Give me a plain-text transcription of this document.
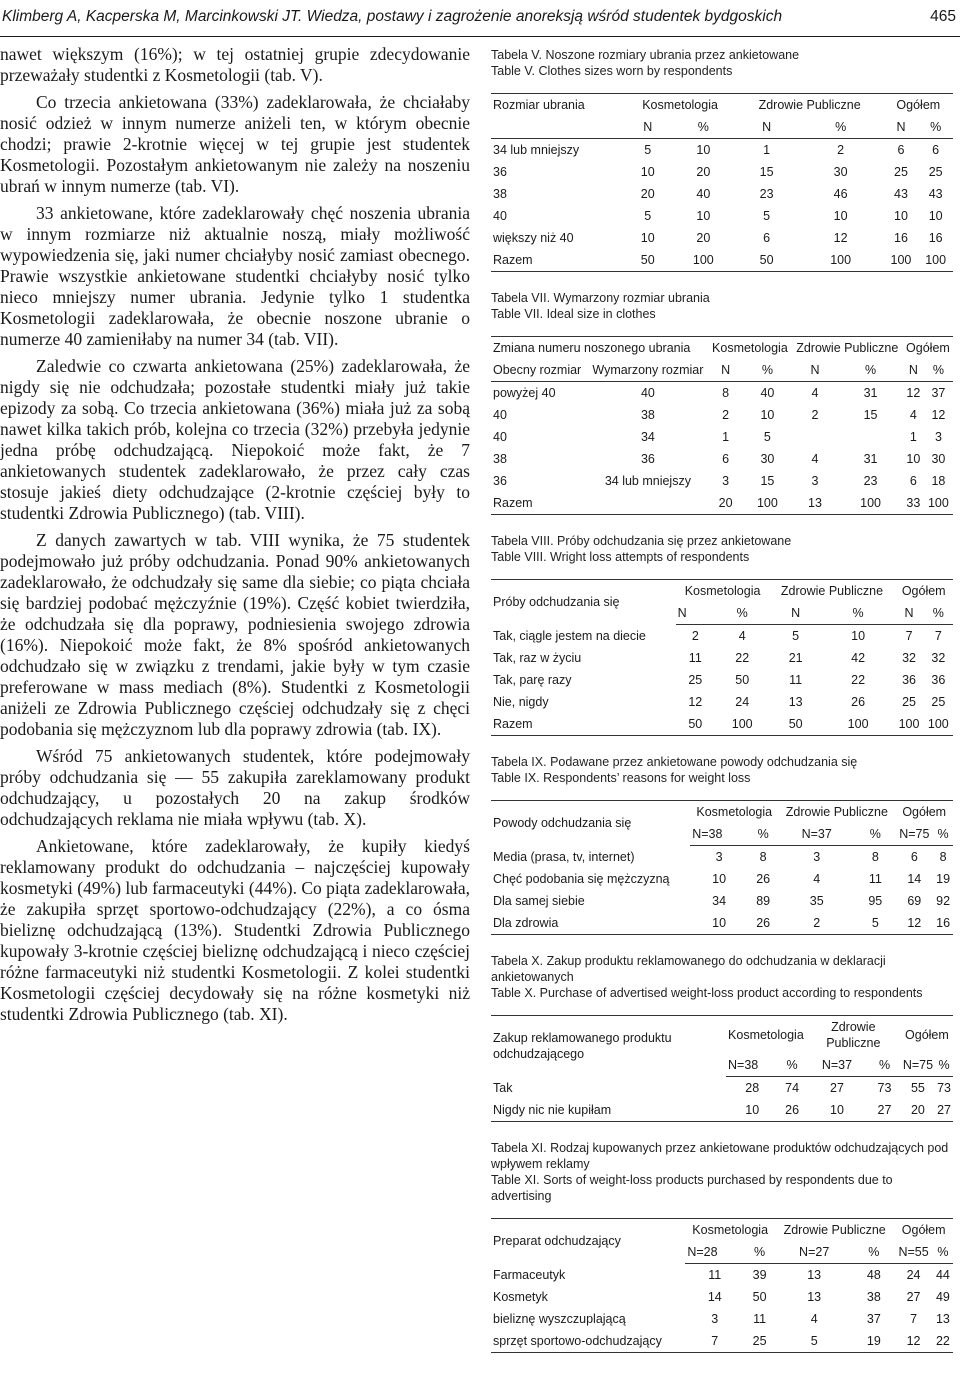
Klimberg A, Kacperska M, Marcinkowski JT. Wiedza, postawy i zagrożenie anoreksją wśród studentek bydgoskich	465

nawet większym (16%); w tej ostatniej grupie zdecydowanie przeważały studentki z Kosmetologii (tab. V).

Co trzecia ankietowana (33%) zadeklarowała, że chciałaby nosić odzież w innym numerze aniżeli ten, w którym obecnie chodzi; prawie 2-krotnie więcej w tej grupie jest studentek Kosmetologii. Pozostałym ankietowanym nie zależy na noszeniu ubrań w innym numerze (tab. VI).

33 ankietowane, które zadeklarowały chęć noszenia ubrania w innym rozmiarze niż aktualnie noszą, miały możliwość wypowiedzenia się, jaki numer chciałyby nosić zamiast obecnego. Prawie wszystkie ankietowane studentki chciałyby nosić tylko nieco mniejszy numer ubrania. Jedynie tylko 1 studentka Kosmetologii zadeklarowała, że obecnie noszone ubranie o numerze 40 zamieniłaby na numer 34 (tab. VII).

Zaledwie co czwarta ankietowana (25%) zadeklarowała, że nigdy się nie odchudzała; pozostałe studentki miały już takie epizody za sobą. Co trzecia ankietowana (36%) miała już za sobą nawet kilka takich prób, kolejna co trzecia (32%) przebyła jedynie jedna próbę odchudzającą. Niepokoić może fakt, że 7 ankietowanych studentek zadeklarowało, że przez cały czas stosuje jakieś diety odchudzające (2-krotnie częściej były to studentki Zdrowia Publicznego) (tab. VIII).

Z danych zawartych w tab. VIII wynika, że 75 studentek podejmowało już próby odchudzania. Ponad 90% ankietowanych zadeklarowało, że odchudzały się same dla siebie; co piąta chciała się bardziej podobać mężczyźnie (19%). Część kobiet twierdziła, że odchudzała się dla poprawy, podniesienia swojego zdrowia (16%). Niepokoić może fakt, że 8% spośród ankietowanych odchudzało się w związku z trendami, jakie były w tym czasie preferowane w mass mediach (8%). Studentki z Kosmetologii aniżeli ze Zdrowia Publicznego częściej odchudzały się z chęci podobania się mężczyznom lub dla poprawy zdrowia (tab. IX).

Wśród 75 ankietowanych studentek, które podejmowały próby odchudzania się — 55 zakupiła zareklamowany produkt odchudzający, u pozostałych 20 na zakup środków odchudzających reklama nie miała wpływu (tab. X).

Ankietowane, które zadeklarowały, że kupiły kiedyś reklamowany produkt do odchudzania – najczęściej kupowały kosmetyki (49%) lub farmaceutyki (44%). Co piąta zadeklarowała, że zakupiła sprzęt sportowo-odchudzający (22%), a co ósma bieliznę odchudzającą (13%). Studentki Zdrowia Publicznego kupowały 3-krotnie częściej bieliznę odchudzającą i nieco częściej różne farmaceutyki niż studentki Kosmetologii. Z kolei studentki Kosmetologii częściej decydowały się na różne kosmetyki niż studentki Zdrowia Publicznego (tab. XI).

Tabela V. Noszone rozmiary ubrania przez ankietowane

Table V. Clothes sizes worn by respondents

Rozmiar ubrania	Kosmetologia		Zdrowie Publiczne		Ogółem	
	N	%	N	%	N	%
34 lub mniejszy	5	10	1	2	6	6
36	10	20	15	30	25	25
38	20	40	23	46	43	43
40	5	10	5	10	10	10
większy niż 40	10	20	6	12	16	16
Razem	50	100	50	100	100	100

Tabela VII. Wymarzony rozmiar ubrania

Table VII. Ideal size in clothes

Zmiana numeru noszonego ubrania		Kosmetologia		Zdrowie Publiczne		Ogółem	
Obecny rozmiar	Wymarzony rozmiar	N	%	N	%	N	%
powyżej 40	40	8	40	4	31	12	37
40	38	2	10	2	15	4	12
40	34	1	5			1	3
38	36	6	30	4	31	10	30
36	34 lub mniejszy	3	15	3	23	6	18
Razem		20	100	13	100	33	100

Tabela VIII. Próby odchudzania się przez ankietowane

Table VIII. Wright loss attempts of respondents

Próby odchudzania się	Kosmetologia		Zdrowie Publiczne		Ogółem	
	N	%	N	%	N	%
Tak, ciągle jestem na diecie	2	4	5	10	7	7
Tak, raz w życiu	11	22	21	42	32	32
Tak, parę razy	25	50	11	22	36	36
Nie, nigdy	12	24	13	26	25	25
Razem	50	100	50	100	100	100

Tabela IX. Podawane przez ankietowane powody odchudzania się

Table IX. Respondents’ reasons for weight loss

Powody odchudzania się	Kosmetologia		Zdrowie Publiczne		Ogółem	
	N=38	%	N=37	%	N=75	%
Media (prasa, tv, internet)	3	8	3	8	6	8
Chęć podobania się mężczyzną	10	26	4	11	14	19
Dla samej siebie	34	89	35	95	69	92
Dla zdrowia	10	26	2	5	12	16

Tabela X. Zakup produktu reklamowanego do odchudzania w deklaracji ankietowanych

Table X. Purchase of advertised weight-loss product according to respondents

Zakup reklamowanego produktu odchudzającego	Kosmetologia		Zdrowie Publiczne		Ogółem	
	N=38	%	N=37	%	N=75	%
Tak	28	74	27	73	55	73
Nigdy nic nie kupiłam	10	26	10	27	20	27

Tabela XI. Rodzaj kupowanych przez ankietowane produktów odchudzających pod wpływem reklamy

Table XI. Sorts of weight-loss products purchased by respondents due to advertising

Preparat odchudzający	Kosmetologia		Zdrowie Publiczne		Ogółem	
	N=28	%	N=27	%	N=55	%
Farmaceutyk	11	39	13	48	24	44
Kosmetyk	14	50	13	38	27	49
bieliznę wyszczuplającą	3	11	4	37	7	13
sprzęt sportowo-odchudzający	7	25	5	19	12	22
